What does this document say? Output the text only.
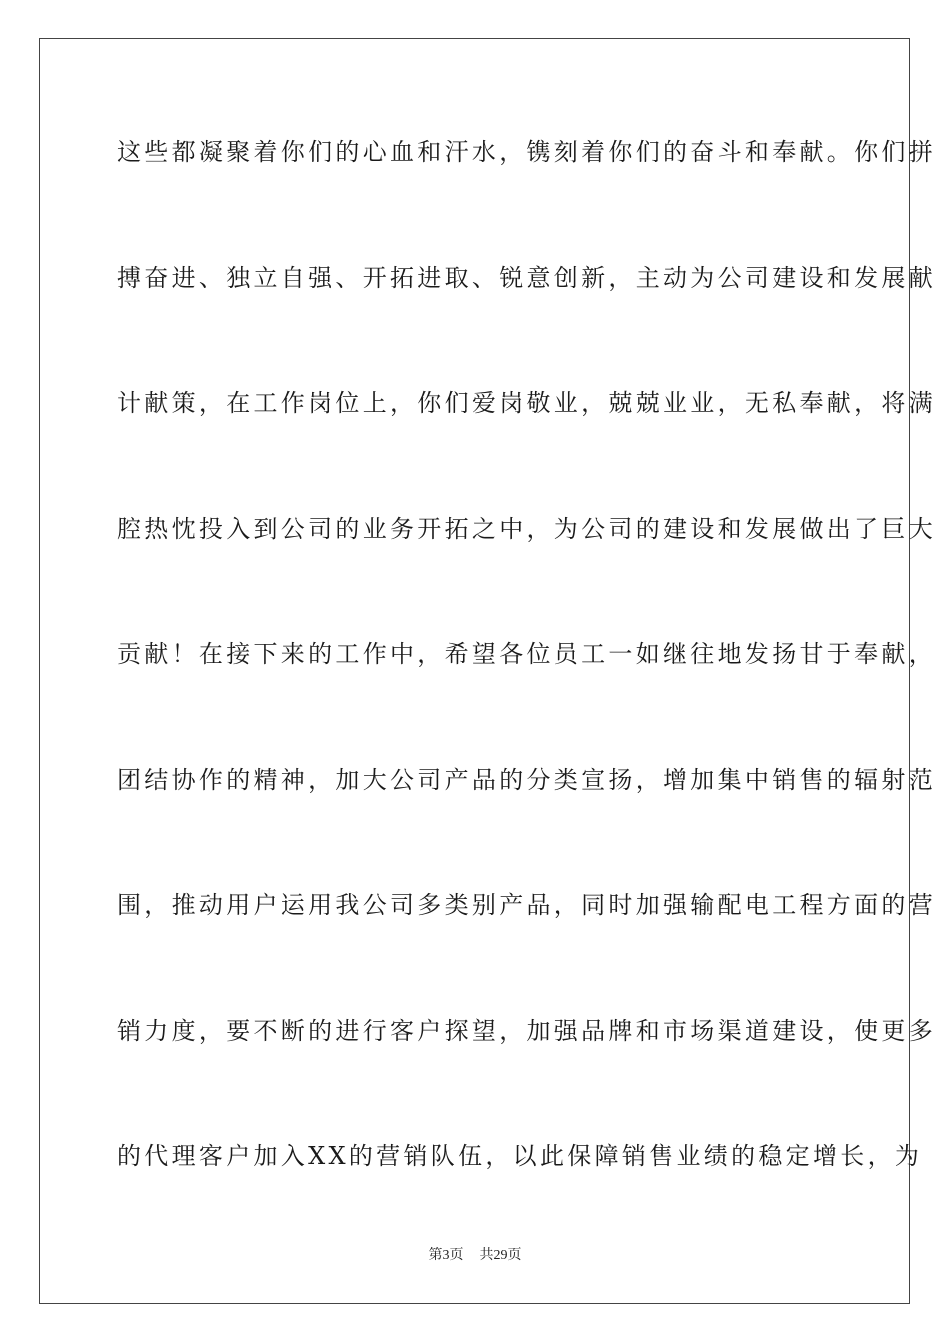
这些都凝聚着你们的心血和汗水，镌刻着你们的奋斗和奉献。你们拼
搏奋进、独立自强、开拓进取、锐意创新，主动为公司建设和发展献
计献策，在工作岗位上，你们爱岗敬业，兢兢业业，无私奉献，将满
腔热忱投入到公司的业务开拓之中，为公司的建设和发展做出了巨大
贡献！在接下来的工作中，希望各位员工一如继往地发扬甘于奉献，
团结协作的精神，加大公司产品的分类宣扬，增加集中销售的辐射范
围，推动用户运用我公司多类别产品，同时加强输配电工程方面的营
销力度，要不断的进行客户探望，加强品牌和市场渠道建设，使更多
的代理客户加入XX的营销队伍，以此保障销售业绩的稳定增长，为
第3页 共29页
